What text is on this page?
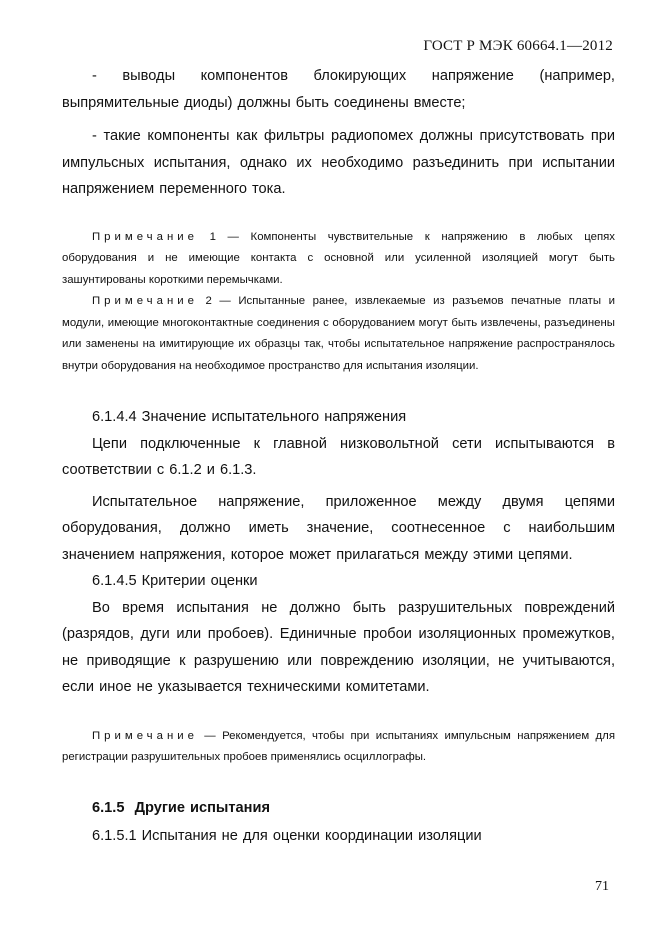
ГОСТ Р МЭК 60664.1—2012

- выводы компонентов блокирующих напряжение (например, выпрямительные диоды) должны быть соединены вместе;

- такие компоненты как фильтры радиопомех должны присутствовать при импульсных испытания, однако их необходимо разъединить при испытании напряжением переменного тока.

Примечание 1 — Компоненты чувствительные к напряжению в любых цепях оборудования и не имеющие контакта с основной или усиленной изоляцией могут быть зашунтированы короткими перемычками.

Примечание 2 — Испытанные ранее, извлекаемые из разъемов печатные платы и модули, имеющие многоконтактные соединения с оборудованием могут быть извлечены, разъединены или заменены на имитирующие их образцы так, чтобы испытательное напряжение распространялось внутри оборудования на необходимое пространство для испытания изоляции.

6.1.4.4 Значение испытательного напряжения

Цепи подключенные к главной низковольтной сети испытываются в соответствии с 6.1.2 и 6.1.3.

Испытательное напряжение, приложенное между двумя цепями оборудования, должно иметь значение, соотнесенное с наибольшим значением напряжения, которое может прилагаться между этими цепями.

6.1.4.5 Критерии оценки

Во время испытания не должно быть разрушительных повреждений (разрядов, дуги или пробоев). Единичные пробои изоляционных промежутков, не приводящие к разрушению или повреждению изоляции, не учитываются, если иное не указывается техническими комитетами.

Примечание — Рекомендуется, чтобы при испытаниях импульсным напряжением для регистрации разрушительных пробоев применялись осциллографы.

6.1.5 Другие испытания

6.1.5.1 Испытания не для оценки координации изоляции

71
